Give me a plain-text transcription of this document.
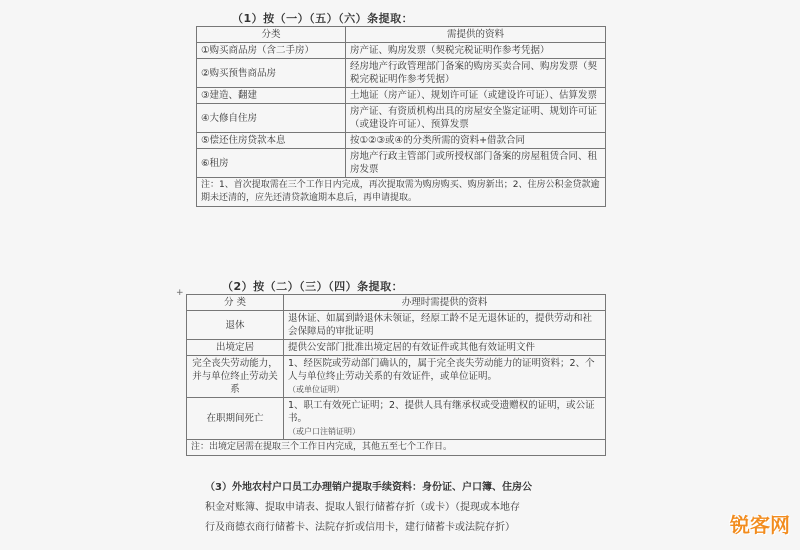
（1）按（一）（五）（六）条提取：
分类	需提供的资料
①购买商品房（含二手房）	房产证、购房发票（契税完税证明作参考凭据）
②购买预售商品房	经房地产行政管理部门备案的购房买卖合同、购房发票（契税完税证明作参考凭据）
③建造、翻建	土地证（房产证）、规划许可证（或建设许可证）、估算发票
④大修自住房	房产证、有资质机构出具的房屋安全鉴定证明、规划许可证（或建设许可证）、预算发票
⑤偿还住房贷款本息	按①②③或④的分类所需的资料+借款合同
⑥租房	房地产行政主管部门或所授权部门备案的房屋租赁合同、租房发票
注：1、首次提取需在三个工作日内完成，再次提取需为购房购买、购房新出；2、住房公积金贷款逾期未还清的，应先还清贷款逾期本息后，再申请提取。	
（2）按（二）（三）（四）条提取：
+
分 类	办理时需提供的资料
退休	退休证、如属到龄退休未领证，经原工龄不足无退休证的，提供劳动和社会保障局的审批证明
出境定居	提供公安部门批准出境定居的有效证件或其他有效证明文件
完全丧失劳动能力，并与单位终止劳动关系	1、经医院或劳动部门确认的，属于完全丧失劳动能力的证明资料；2、个人与单位终止劳动关系的有效证件，或单位证明。
（或单位证明）

在职期间死亡	1、职工有效死亡证明；2、提供人具有继承权或受遗赠权的证明，或公证书。
（或户口注销证明）

注：出境定居需在提取三个工作日内完成，其他五至七个工作日。	
（3）外地农村户口员工办理销户提取手续资料：身份证、户口簿、住房公
积金对账簿、提取申请表、提取人银行储蓄存折（或卡）（提现或本地存
行及商德衣商行储蓄卡、法院存折或信用卡，建行储蓄卡或法院存折）	锐客网
